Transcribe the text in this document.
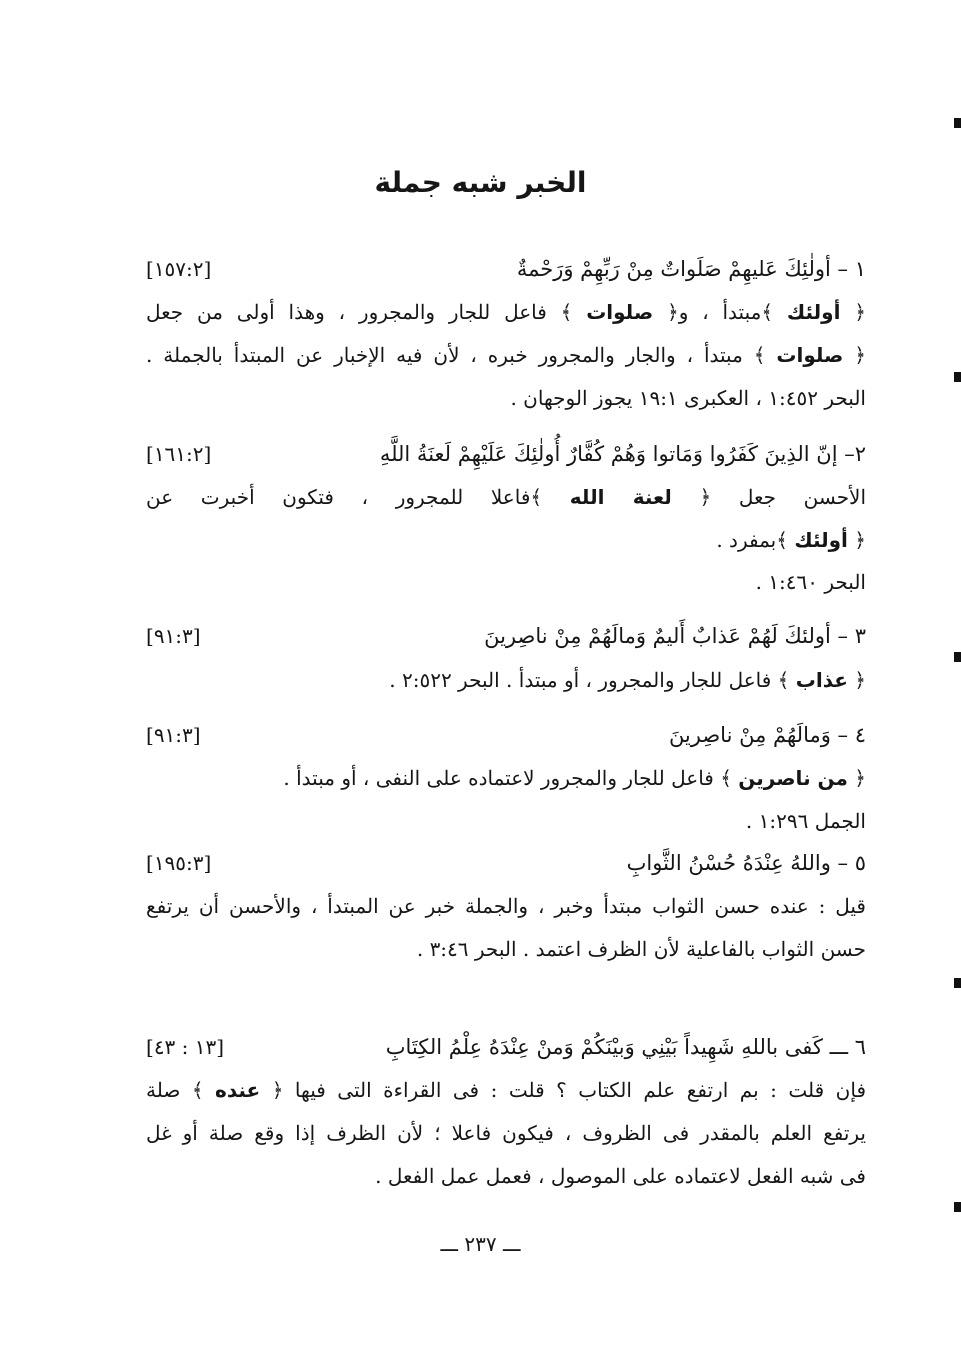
الخبر شبه جملة
١ – أولٰئِكَ عَليهِمْ صَلَواتٌ مِنْ رَبِّهِمْ وَرَحْمةٌ
[١٥٧:٢]
﴿ أولئك ﴾مبتدأ ، و﴿ صلوات ﴾ فاعل للجار والمجرور ، وهذا أولى من جعل
﴿ صلوات ﴾ مبتدأ ، والجار والمجرور خبره ، لأن فيه الإخبار عن المبتدأ بالجملة .
البحر ١:٤٥٢ ، العكبرى ١٩:١ يجوز الوجهان .
٢– إنّ الذِينَ كَفَرُوا وَمَاتوا وَهُمْ كُفَّارٌ أُولٰئِكَ عَلَيْهِمْ لَعنَةُ اللَّهِ
[١٦١:٢]
الأحسن جعل ﴿ لعنة الله ﴾فاعلا للمجرور ، فتكون أخبرت عن
﴿ أولئك ﴾بمفرد .
البحر ١:٤٦٠ .
٣ – أولئكَ لَهُمْ عَذابٌ أَليمٌ وَمالَهُمْ مِنْ ناصِرينَ
[٩١:٣]
﴿ عذاب ﴾ فاعل للجار والمجرور ، أو مبتدأ . البحر ٢:٥٢٢ .
٤ – وَمالَهُمْ مِنْ ناصِرينَ
[٩١:٣]
﴿ من ناصرين ﴾ فاعل للجار والمجرور لاعتماده على النفى ، أو مبتدأ .
الجمل ١:٢٩٦ .
٥ – واللهُ عِنْدَهُ حُسْنُ الثَّوابِ
[١٩٥:٣]
قيل : عنده حسن الثواب مبتدأ وخبر ، والجملة خبر عن المبتدأ ، والأحسن أن يرتفع
حسن الثواب بالفاعلية لأن الظرف اعتمد . البحر ٣:٤٦ .
٦ ـــ كَفى باللهِ شَهِيداً بَيْنِي وَبيْنَكُمْ وَمنْ عِنْدَهُ عِلْمُ الكِتَابِ
[١٣ : ٤٣]
فإن قلت : بم ارتفع علم الكتاب ؟ قلت : فى القراءة التى فيها ﴿ عنده ﴾ صلة
يرتفع العلم بالمقدر فى الظروف ، فيكون فاعلا ؛ لأن الظرف إذا وقع صلة أو غل
فى شبه الفعل لاعتماده على الموصول ، فعمل عمل الفعل .
ـــ ٢٣٧ ـــ
